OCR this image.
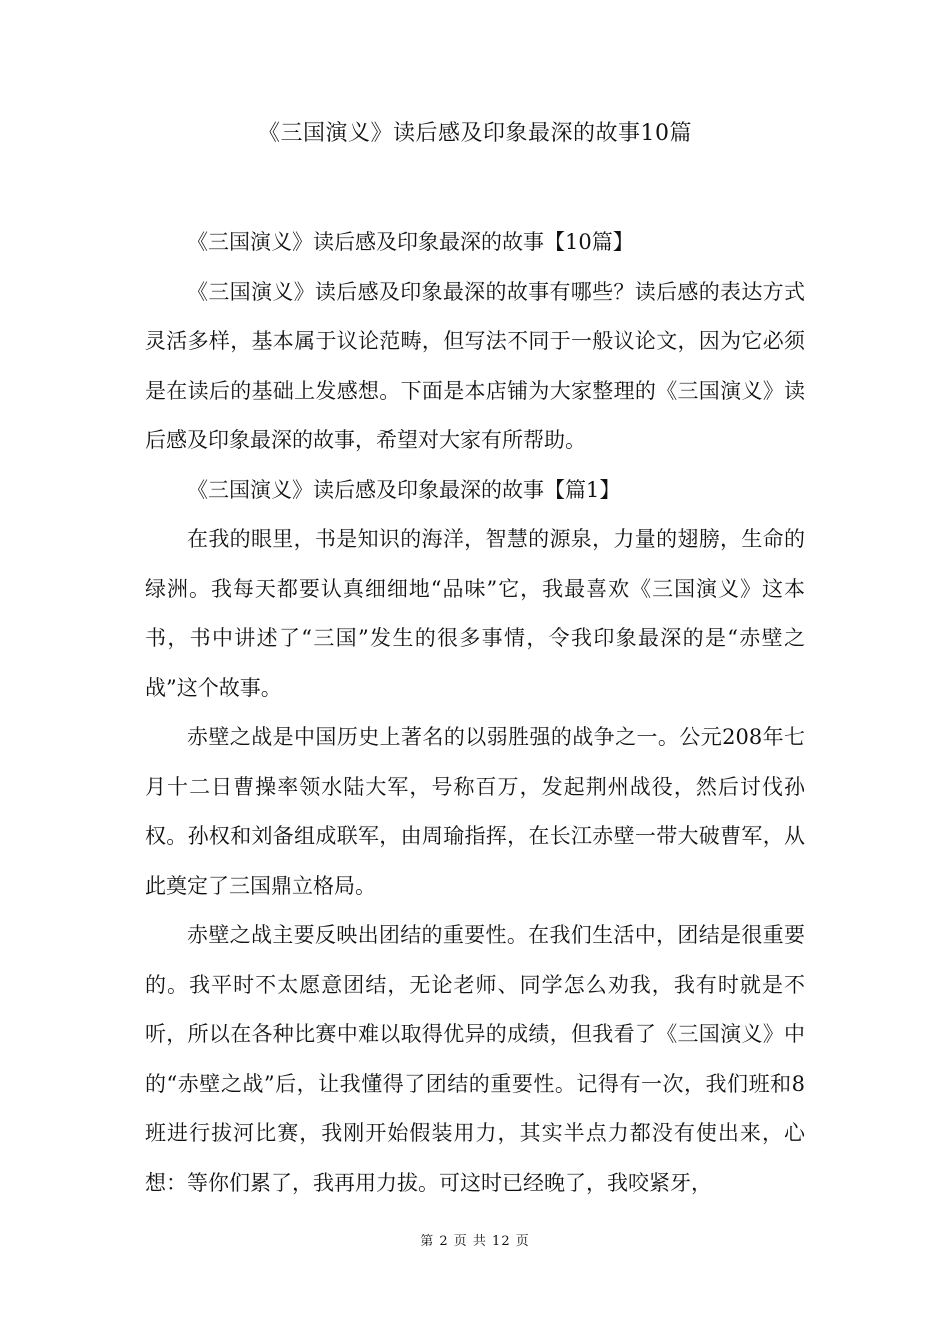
《三国演义》读后感及印象最深的故事10篇

《三国演义》读后感及印象最深的故事【10篇】

《三国演义》读后感及印象最深的故事有哪些？读后感的表达方式灵活多样，基本属于议论范畴，但写法不同于一般议论文，因为它必须是在读后的基础上发感想。下面是本店铺为大家整理的《三国演义》读后感及印象最深的故事，希望对大家有所帮助。

《三国演义》读后感及印象最深的故事【篇1】

在我的眼里，书是知识的海洋，智慧的源泉，力量的翅膀，生命的绿洲。我每天都要认真细细地“品味”它，我最喜欢《三国演义》这本书，书中讲述了“三国”发生的很多事情，令我印象最深的是“赤壁之战”这个故事。

赤壁之战是中国历史上著名的以弱胜强的战争之一。公元208年七月十二日曹操率领水陆大军，号称百万，发起荆州战役，然后讨伐孙权。孙权和刘备组成联军，由周瑜指挥，在长江赤壁一带大破曹军，从此奠定了三国鼎立格局。

赤壁之战主要反映出团结的重要性。在我们生活中，团结是很重要的。我平时不太愿意团结，无论老师、同学怎么劝我，我有时就是不听，所以在各种比赛中难以取得优异的成绩，但我看了《三国演义》中的“赤壁之战”后，让我懂得了团结的重要性。记得有一次，我们班和8班进行拔河比赛，我刚开始假装用力，其实半点力都没有使出来，心想：等你们累了，我再用力拔。可这时已经晚了，我咬紧牙，

第 2 页 共 12 页
